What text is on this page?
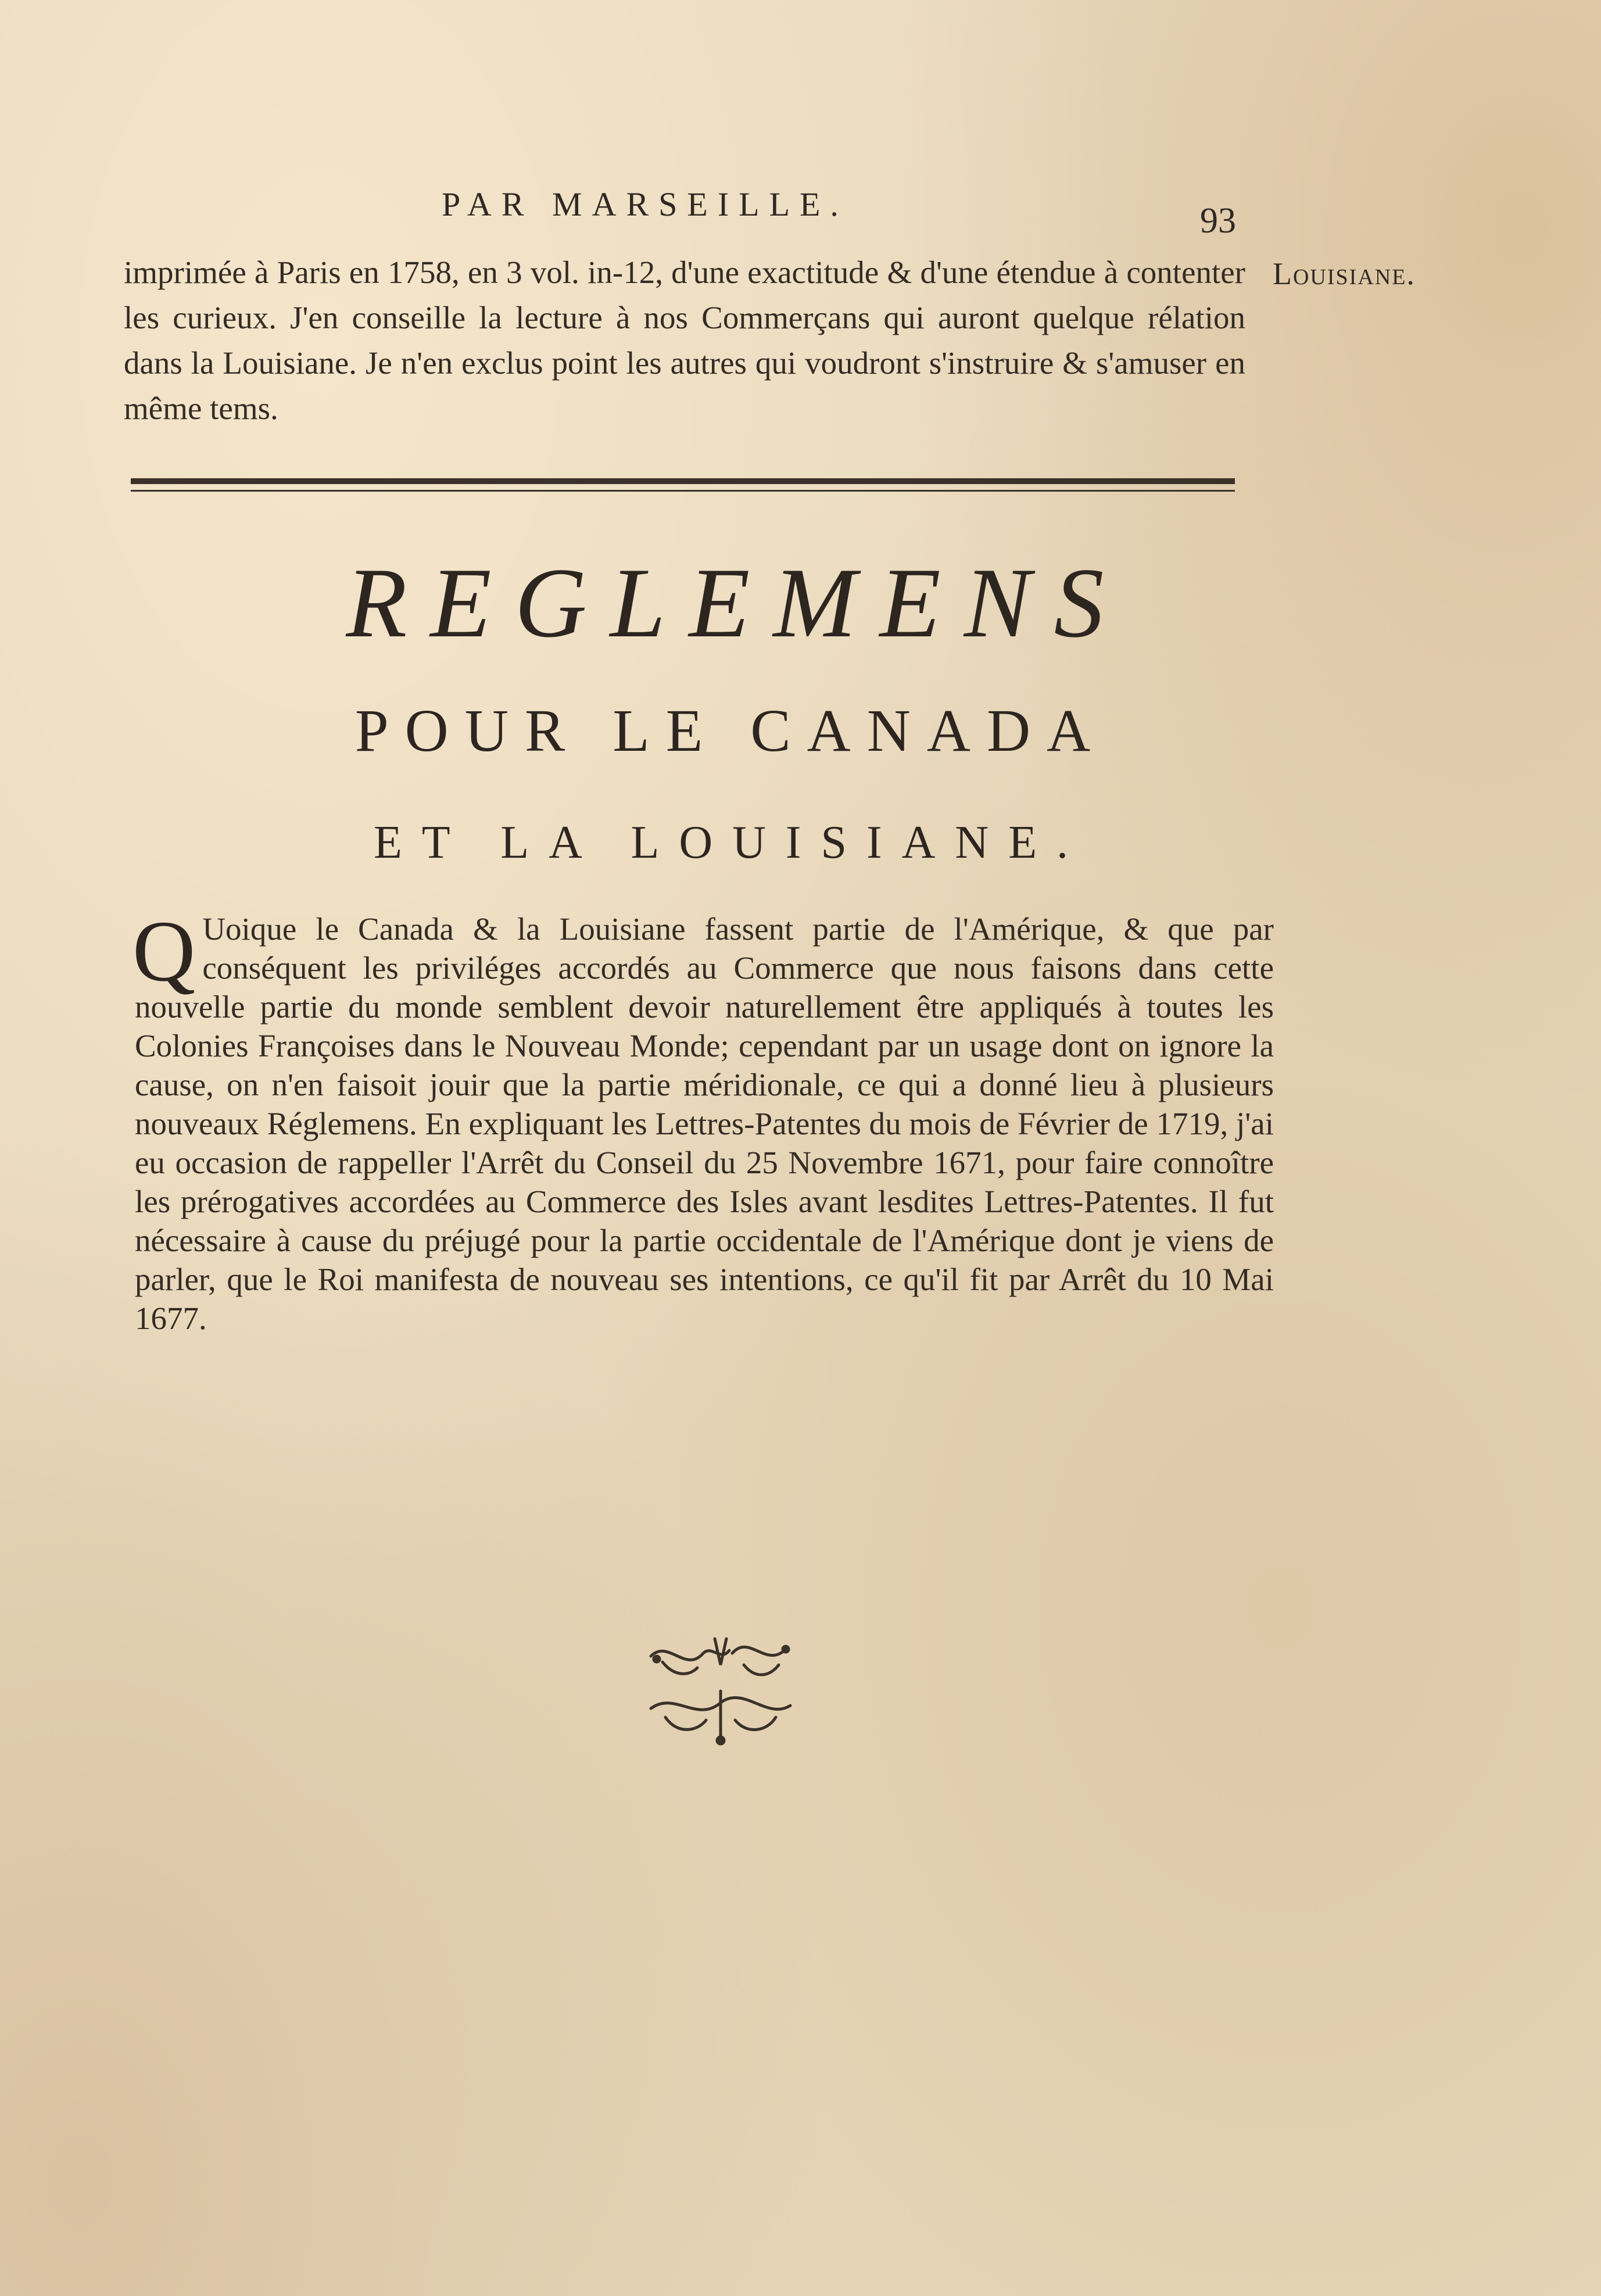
PAR MARSEILLE.	93
Louisiane.
imprimée à Paris en 1758, en 3 vol. in-12, d'une exactitude & d'une étendue à contenter les curieux. J'en conseille la lecture à nos Commerçans qui auront quelque rélation dans la Louisiane. Je n'en exclus point les autres qui voudront s'instruire & s'amuser en même tems.
REGLEMENS
POUR LE CANADA
ET LA LOUISIANE.
Q Uoique le Canada & la Louisiane fassent partie de l'Amérique, & que par conséquent les priviléges accordés au Commerce que nous faisons dans cette nouvelle partie du monde semblent devoir naturellement être appliqués à toutes les Colonies Françoises dans le Nouveau Monde; cependant par un usage dont on ignore la cause, on n'en faisoit jouir que la partie méridionale, ce qui a donné lieu à plusieurs nouveaux Réglemens. En expliquant les Lettres-Patentes du mois de Février de 1719, j'ai eu occasion de rappeller l'Arrêt du Conseil du 25 Novembre 1671, pour faire connoître les prérogatives accordées au Commerce des Isles avant lesdites Lettres-Patentes. Il fut nécessaire à cause du préjugé pour la partie occidentale de l'Amérique dont je viens de parler, que le Roi manifesta de nouveau ses intentions, ce qu'il fit par Arrêt du 10 Mai 1677.
